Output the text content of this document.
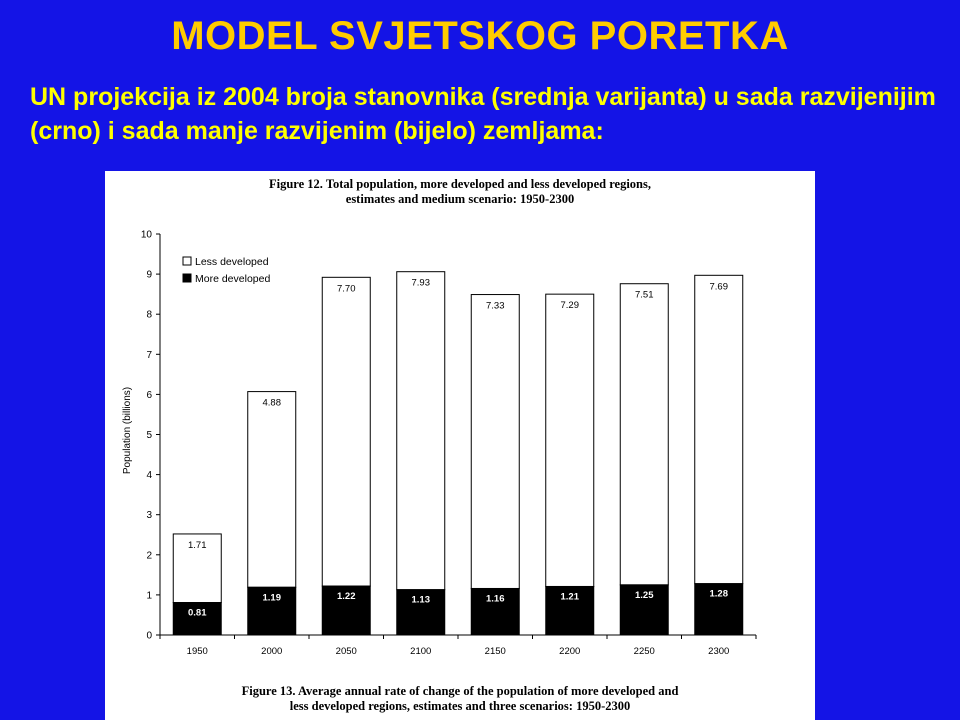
MODEL SVJETSKOG PORETKA
UN projekcija iz 2004 broja stanovnika (srednja varijanta) u sada razvijenijim (crno) i sada manje razvijenim (bijelo) zemljama:
Figure 12. Total population, more developed and less developed regions,
estimates and medium scenario: 1950-2300
0
1
2
3
4
5
6
7
8
9
10
Population (billions)
1.71
0.81
1950
4.88
1.19
2000
7.70
1.22
2050
7.93
1.13
2100
7.33
1.16
2150
7.29
1.21
2200
7.51
1.25
2250
7.69
1.28
2300
Less developed
More developed
Figure 13. Average annual rate of change of the population of more developed and
less developed regions, estimates and three scenarios: 1950-2300
